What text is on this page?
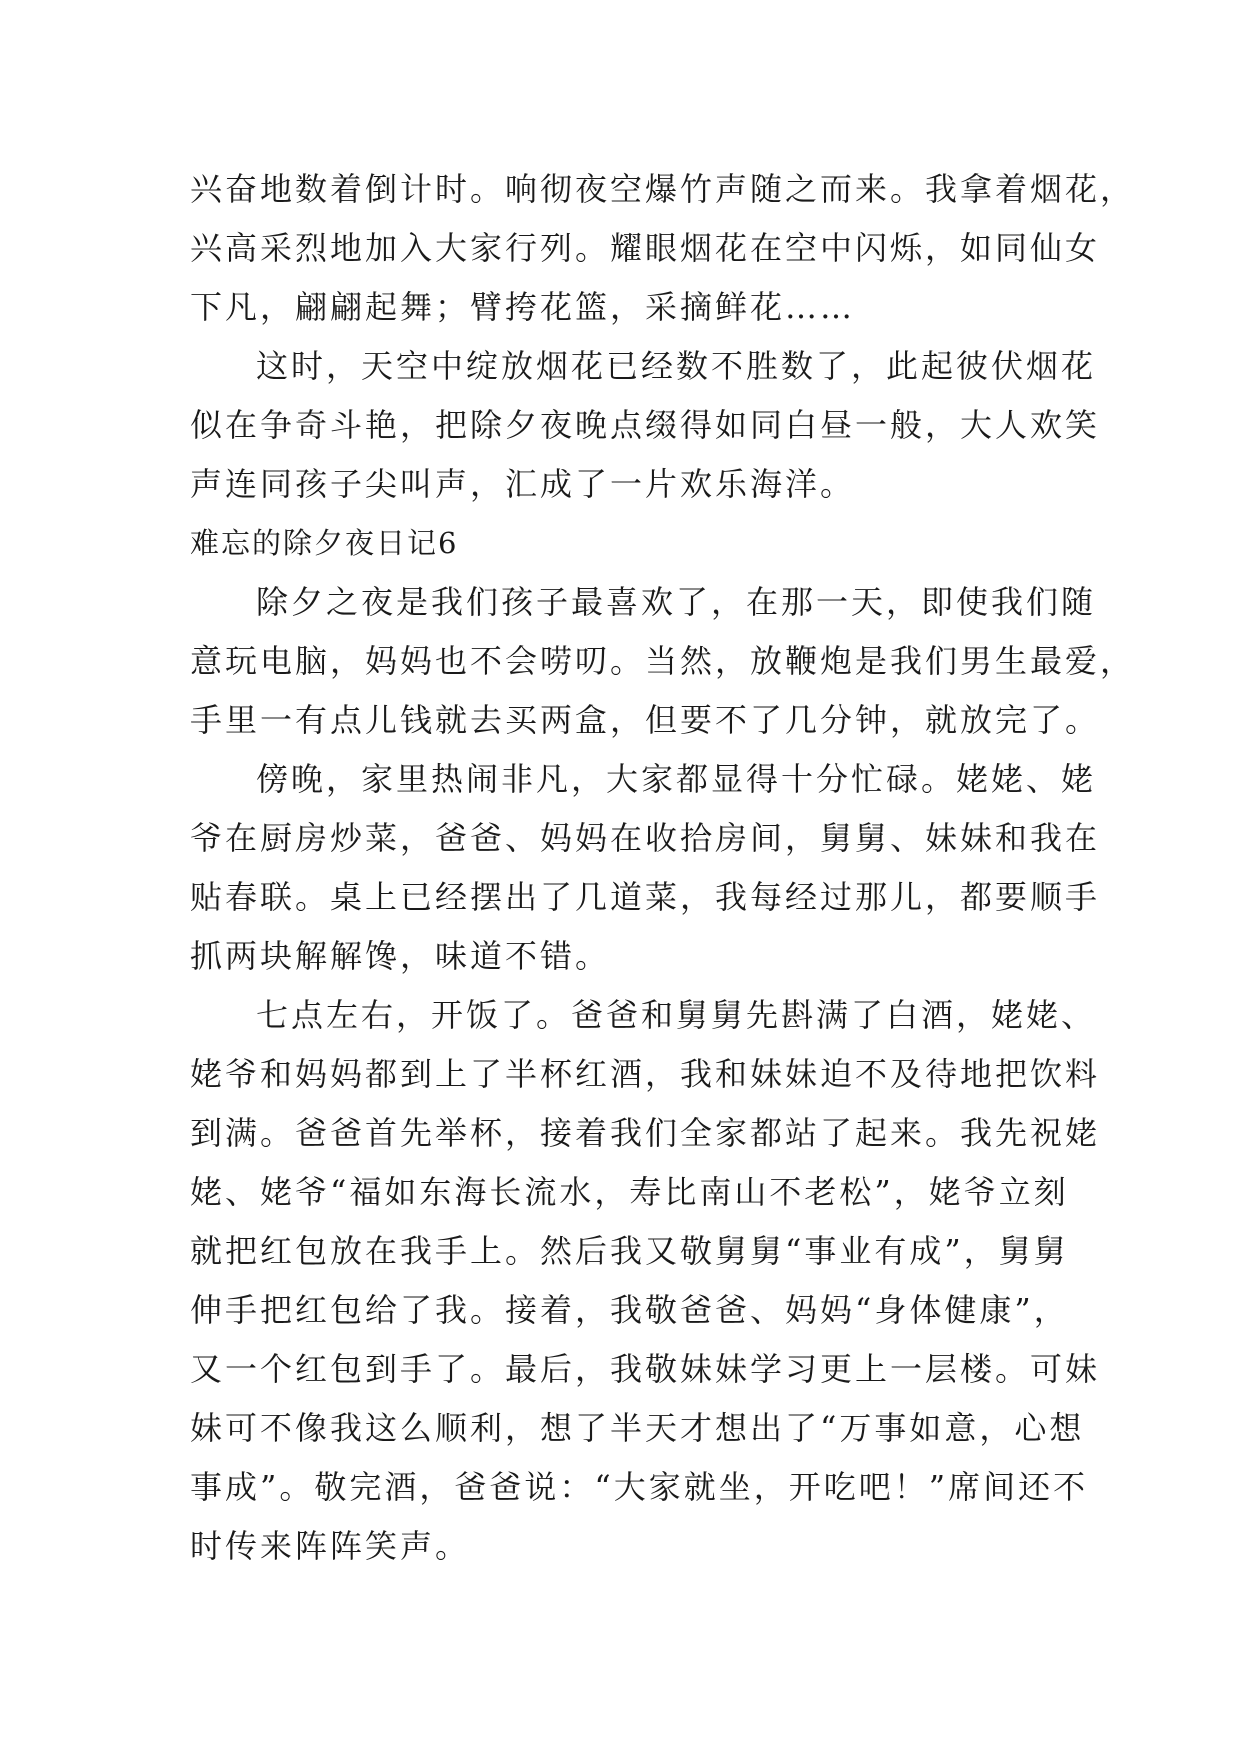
兴奋地数着倒计时。响彻夜空爆竹声随之而来。我拿着烟花，
兴高采烈地加入大家行列。耀眼烟花在空中闪烁，如同仙女
下凡，翩翩起舞；臂挎花篮，采摘鲜花……
这时，天空中绽放烟花已经数不胜数了，此起彼伏烟花
似在争奇斗艳，把除夕夜晚点缀得如同白昼一般，大人欢笑
声连同孩子尖叫声，汇成了一片欢乐海洋。
难忘的除夕夜日记6
除夕之夜是我们孩子最喜欢了，在那一天，即使我们随
意玩电脑，妈妈也不会唠叨。当然，放鞭炮是我们男生最爱，
手里一有点儿钱就去买两盒，但要不了几分钟，就放完了。
傍晚，家里热闹非凡，大家都显得十分忙碌。姥姥、姥
爷在厨房炒菜，爸爸、妈妈在收拾房间，舅舅、妹妹和我在
贴春联。桌上已经摆出了几道菜，我每经过那儿，都要顺手
抓两块解解馋，味道不错。
七点左右，开饭了。爸爸和舅舅先斟满了白酒，姥姥、
姥爷和妈妈都到上了半杯红酒，我和妹妹迫不及待地把饮料
到满。爸爸首先举杯，接着我们全家都站了起来。我先祝姥
姥、姥爷“福如东海长流水，寿比南山不老松”，姥爷立刻
就把红包放在我手上。然后我又敬舅舅“事业有成”，舅舅
伸手把红包给了我。接着，我敬爸爸、妈妈“身体健康”，
又一个红包到手了。最后，我敬妹妹学习更上一层楼。可妹
妹可不像我这么顺利，想了半天才想出了“万事如意，心想
事成”。敬完酒，爸爸说：“大家就坐，开吃吧！”席间还不
时传来阵阵笑声。
